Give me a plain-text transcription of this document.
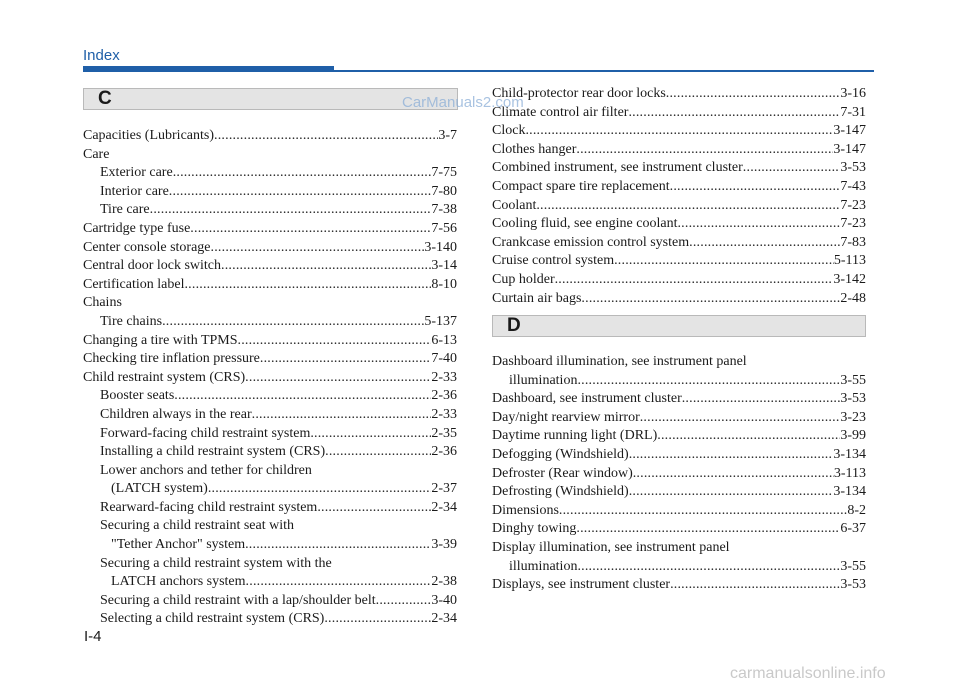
Index
C	CarManuals2.com
Capacities (Lubricants) .....	3-7
Care
Exterior care .....	7-75
Interior care .....	7-80
Tire care .....	7-38
Cartridge type fuse .....	7-56
Center console storage .....	3-140
Central door lock switch .....	3-14
Certification label .....	8-10
Chains
Tire chains .....	5-137
Changing a tire with TPMS .....	6-13
Checking tire inflation pressure .....	7-40
Child restraint system (CRS) .....	2-33
Booster seats .....	2-36
Children always in the rear .....	2-33
Forward-facing child restraint system .....	2-35
Installing a child restraint system (CRS) .....	2-36
Lower anchors and tether for children
(LATCH system) .....	2-37
Rearward-facing child restraint system .....	2-34
Securing a child restraint seat with
"Tether Anchor" system .....	3-39
Securing a child restraint system with the
LATCH anchors system .....	2-38
Securing a child restraint with a lap/shoulder belt .....	3-40
Selecting a child restraint system (CRS) .....	2-34
Child-protector rear door locks .....	3-16
Climate control air filter .....	7-31
Clock .....	3-147
Clothes hanger .....	3-147
Combined instrument, see instrument cluster .....	3-53
Compact spare tire replacement .....	7-43
Coolant .....	7-23
Cooling fluid, see engine coolant .....	7-23
Crankcase emission control system .....	7-83
Cruise control system .....	5-113
Cup holder .....	3-142
Curtain air bags .....	2-48
D
Dashboard illumination, see instrument panel
illumination .....	3-55
Dashboard, see instrument cluster .....	3-53
Day/night rearview mirror .....	3-23
Daytime running light (DRL) .....	3-99
Defogging (Windshield) .....	3-134
Defroster (Rear window) .....	3-113
Defrosting (Windshield) .....	3-134
Dimensions .....	8-2
Dinghy towing .....	6-37
Display illumination, see instrument panel
illumination .....	3-55
Displays, see instrument cluster .....	3-53
I-4
carmanualsonline.info
